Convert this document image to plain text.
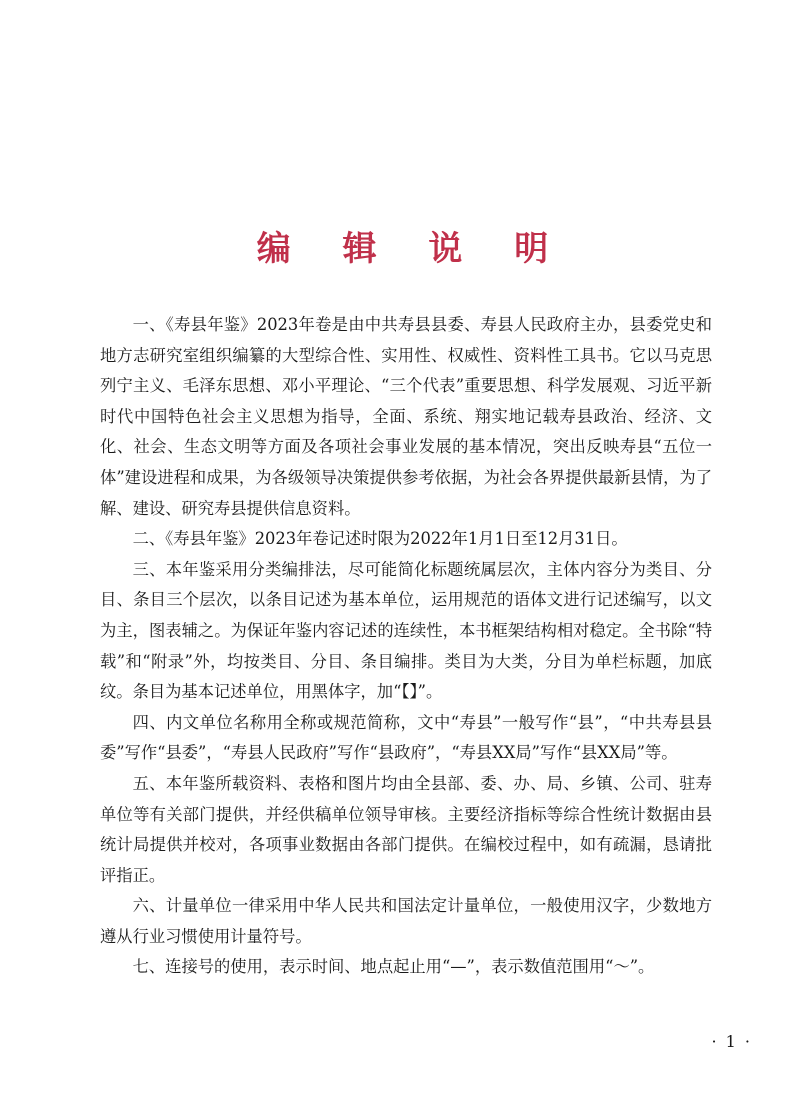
编 辑 说 明

一、《寿县年鉴》2023年卷是由中共寿县县委、寿县人民政府主办，县委党史和地方志研究室组织编纂的大型综合性、实用性、权威性、资料性工具书。它以马克思列宁主义、毛泽东思想、邓小平理论、“三个代表”重要思想、科学发展观、习近平新时代中国特色社会主义思想为指导，全面、系统、翔实地记载寿县政治、经济、文化、社会、生态文明等方面及各项社会事业发展的基本情况，突出反映寿县“五位一体”建设进程和成果，为各级领导决策提供参考依据，为社会各界提供最新县情，为了解、建设、研究寿县提供信息资料。

二、《寿县年鉴》2023年卷记述时限为2022年1月1日至12月31日。

三、本年鉴采用分类编排法，尽可能简化标题统属层次，主体内容分为类目、分目、条目三个层次，以条目记述为基本单位，运用规范的语体文进行记述编写，以文为主，图表辅之。为保证年鉴内容记述的连续性，本书框架结构相对稳定。全书除“特载”和“附录”外，均按类目、分目、条目编排。类目为大类，分目为单栏标题，加底纹。条目为基本记述单位，用黑体字，加“【】”。

四、内文单位名称用全称或规范简称，文中“寿县”一般写作“县”，“中共寿县县委”写作“县委”，“寿县人民政府”写作“县政府”，“寿县XX局”写作“县XX局”等。

五、本年鉴所载资料、表格和图片均由全县部、委、办、局、乡镇、公司、驻寿单位等有关部门提供，并经供稿单位领导审核。主要经济指标等综合性统计数据由县统计局提供并校对，各项事业数据由各部门提供。在编校过程中，如有疏漏，恳请批评指正。

六、计量单位一律采用中华人民共和国法定计量单位，一般使用汉字，少数地方遵从行业习惯使用计量符号。

七、连接号的使用，表示时间、地点起止用“—”，表示数值范围用“～”。

· 1 ·
